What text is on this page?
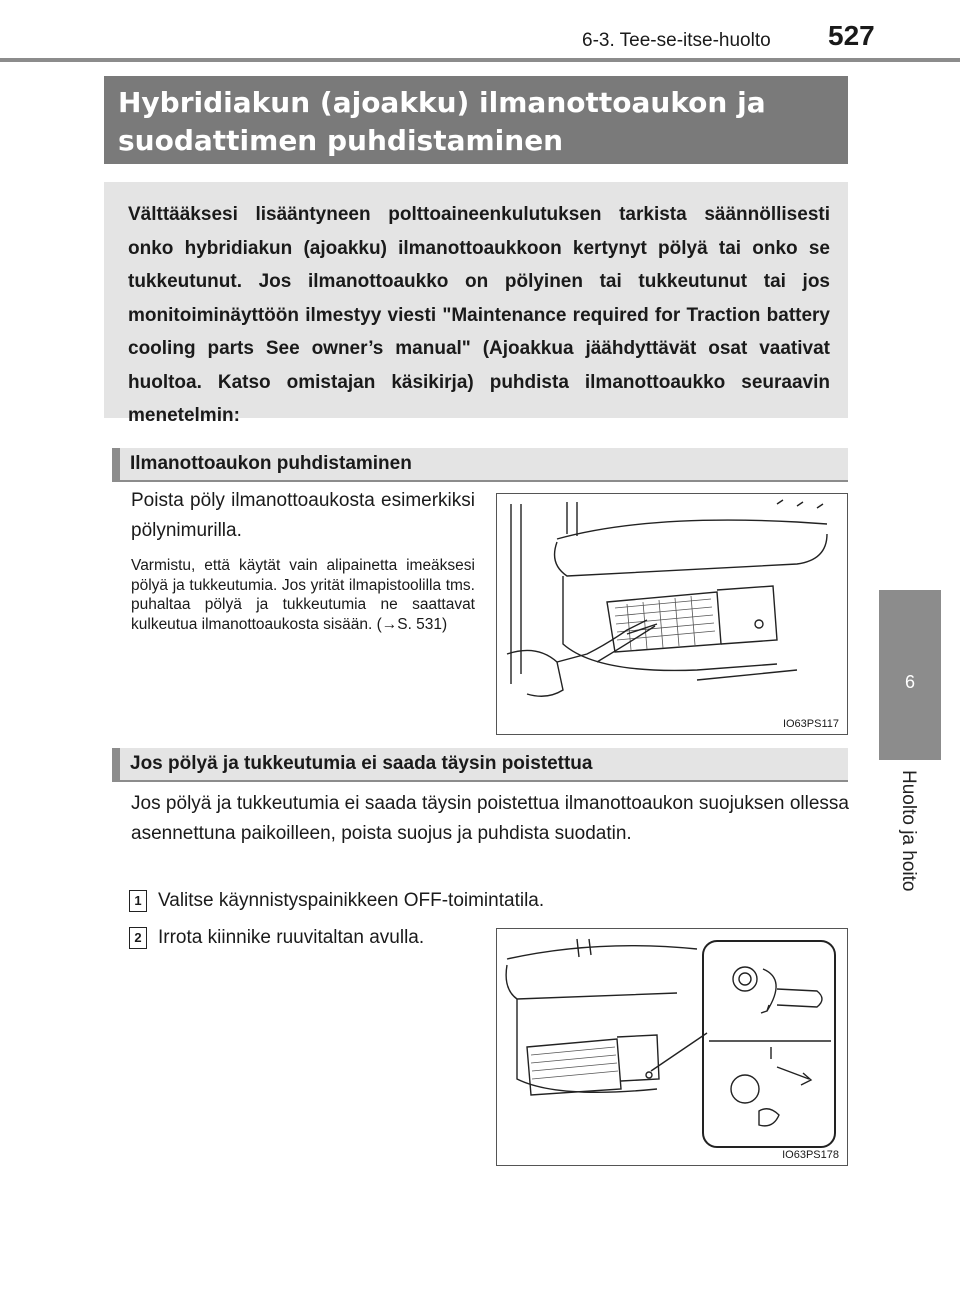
6-3. Tee-se-itse-huolto 527
6
Huolto ja hoito
Hybridiakun (ajoakku) ilmanottoaukon ja suodattimen puhdistaminen
Välttääksesi lisääntyneen polttoaineenkulutuksen tarkista säännöllisesti onko hybridiakun (ajoakku) ilmanottoaukkoon kertynyt pölyä tai onko se tukkeutunut. Jos ilmanottoaukko on pölyinen tai tukkeutunut tai jos monitoiminäyttöön ilmestyy viesti "Maintenance required for Traction battery cooling parts See owner’s manual" (Ajoakkua jäähdyttävät osat vaativat huoltoa. Katso omistajan käsikirja) puhdista ilmanottoaukko seuraavin menetelmin:
Ilmanottoaukon puhdistaminen
Poista pöly ilmanottoaukosta esimerkiksi pölynimurilla.
Varmistu, että käytät vain alipainetta imeäksesi pölyä ja tukkeutumia. Jos yrität ilmapistoolilla tms. puhaltaa pölyä ja tukkeutumia ne saattavat kulkeutua ilmanottoaukosta sisään. (→S. 531)
IO63PS117
Jos pölyä ja tukkeutumia ei saada täysin poistettua
Jos pölyä ja tukkeutumia ei saada täysin poistettua ilmanottoaukon suojuksen ollessa asennettuna paikoilleen, poista suojus ja puhdista suodatin.
1 Valitse käynnistyspainikkeen OFF-toimintatila.
2 Irrota kiinnike ruuvitaltan avulla.
IO63PS178
